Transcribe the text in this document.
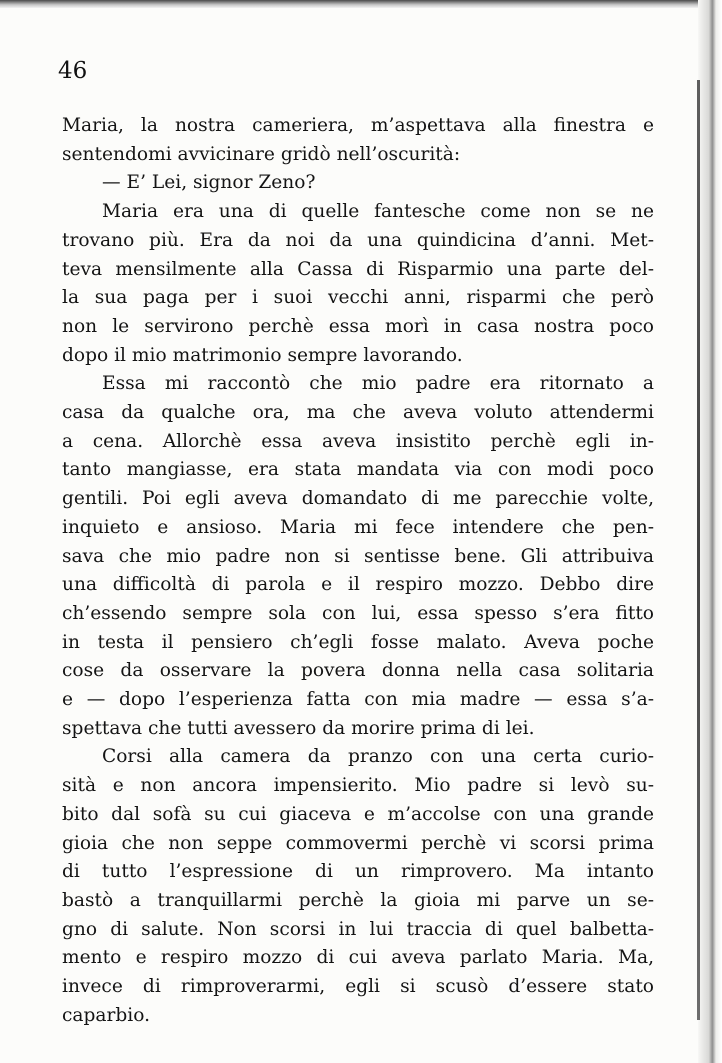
46

Maria, la nostra cameriera, m’aspettava alla finestra e
sentendomi avvicinare gridò nell’oscurità:
— E’ Lei, signor Zeno?
Maria era una di quelle fantesche come non se ne
trovano più. Era da noi da una quindicina d’anni. Met-
teva mensilmente alla Cassa di Risparmio una parte del-
la sua paga per i suoi vecchi anni, risparmi che però
non le servirono perchè essa morì in casa nostra poco
dopo il mio matrimonio sempre lavorando.
Essa mi raccontò che mio padre era ritornato a
casa da qualche ora, ma che aveva voluto attendermi
a cena. Allorchè essa aveva insistito perchè egli in-
tanto mangiasse, era stata mandata via con modi poco
gentili. Poi egli aveva domandato di me parecchie volte,
inquieto e ansioso. Maria mi fece intendere che pen-
sava che mio padre non si sentisse bene. Gli attribuiva
una difficoltà di parola e il respiro mozzo. Debbo dire
ch’essendo sempre sola con lui, essa spesso s’era fitto
in testa il pensiero ch’egli fosse malato. Aveva poche
cose da osservare la povera donna nella casa solitaria
e — dopo l’esperienza fatta con mia madre — essa s’a-
spettava che tutti avessero da morire prima di lei.
Corsi alla camera da pranzo con una certa curio-
sità e non ancora impensierito. Mio padre si levò su-
bito dal sofà su cui giaceva e m’accolse con una grande
gioia che non seppe commovermi perchè vi scorsi prima
di tutto l’espressione di un rimprovero. Ma intanto
bastò a tranquillarmi perchè la gioia mi parve un se-
gno di salute. Non scorsi in lui traccia di quel balbetta-
mento e respiro mozzo di cui aveva parlato Maria. Ma,
invece di rimproverarmi, egli si scusò d’essere stato
caparbio.
